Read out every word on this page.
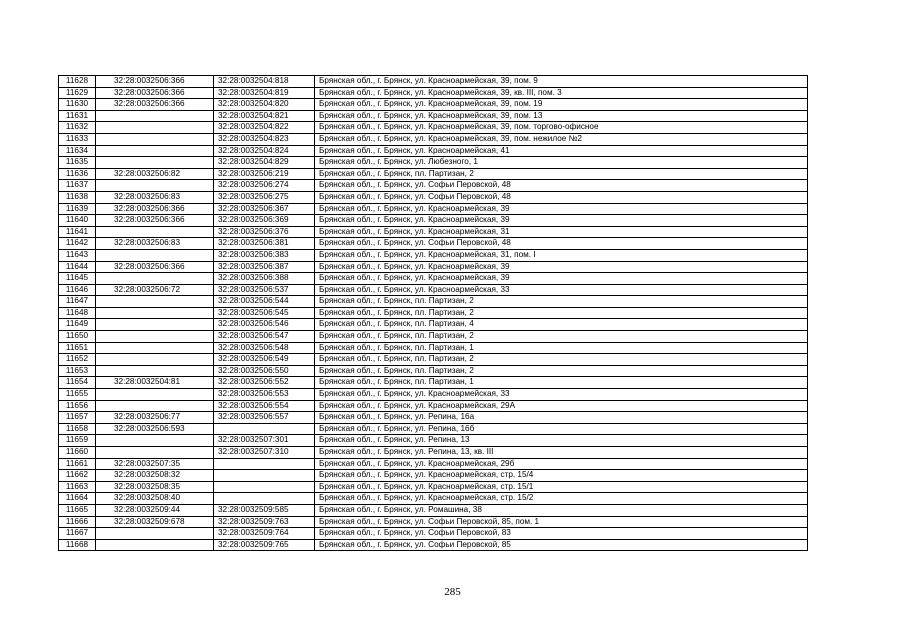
11628	32:28:0032506:366	32:28:0032504:818	Брянская обл., г. Брянск, ул. Красноармейская, 39, пом. 9
11629	32:28:0032506:366	32:28:0032504:819	Брянская обл., г. Брянск, ул. Красноармейская, 39, кв. III, пом. 3
11630	32:28:0032506:366	32:28:0032504:820	Брянская обл., г. Брянск, ул. Красноармейская, 39, пом. 19
11631		32:28:0032504:821	Брянская обл., г. Брянск, ул. Красноармейская, 39, пом. 13
11632		32:28:0032504:822	Брянская обл., г. Брянск, ул. Красноармейская, 39, пом. торгово-офисное
11633		32:28:0032504:823	Брянская обл., г. Брянск, ул. Красноармейская, 39, пом. нежилое №2
11634		32:28:0032504:824	Брянская обл., г. Брянск, ул. Красноармейская, 41
11635		32:28:0032504:829	Брянская обл., г. Брянск, ул. Любезного, 1
11636	32:28:0032506:82	32:28:0032506:219	Брянская обл., г. Брянск, пл. Партизан, 2
11637		32:28:0032506:274	Брянская обл., г. Брянск, ул. Софьи Перовской, 48
11638	32:28:0032506:83	32:28:0032506:275	Брянская обл., г. Брянск, ул. Софьи Перовской, 48
11639	32:28:0032506:366	32:28:0032506:367	Брянская обл., г. Брянск, ул. Красноармейская, 39
11640	32:28:0032506:366	32:28:0032506:369	Брянская обл., г. Брянск, ул. Красноармейская, 39
11641		32:28:0032506:376	Брянская обл., г. Брянск, ул. Красноармейская, 31
11642	32:28:0032506:83	32:28:0032506:381	Брянская обл., г. Брянск, ул. Софьи Перовской, 48
11643		32:28:0032506:383	Брянская обл., г. Брянск, ул. Красноармейская, 31, пом. I
11644	32:28:0032506:366	32:28:0032506:387	Брянская обл., г. Брянск, ул. Красноармейская, 39
11645		32:28:0032506:388	Брянская обл., г. Брянск, ул. Красноармейская, 39
11646	32:28:0032506:72	32:28:0032506:537	Брянская обл., г. Брянск, ул. Красноармейская, 33
11647		32:28:0032506:544	Брянская обл., г. Брянск, пл. Партизан, 2
11648		32:28:0032506:545	Брянская обл., г. Брянск, пл. Партизан, 2
11649		32:28:0032506:546	Брянская обл., г. Брянск, пл. Партизан, 4
11650		32:28:0032506:547	Брянская обл., г. Брянск, пл. Партизан, 2
11651		32:28:0032506:548	Брянская обл., г. Брянск, пл. Партизан, 1
11652		32:28:0032506:549	Брянская обл., г. Брянск, пл. Партизан, 2
11653		32:28:0032506:550	Брянская обл., г. Брянск, пл. Партизан, 2
11654	32:28:0032504:81	32:28:0032506:552	Брянская обл., г. Брянск, пл. Партизан, 1
11655		32:28:0032506:553	Брянская обл., г. Брянск, ул. Красноармейская, 33
11656		32:28:0032506:554	Брянская обл., г. Брянск, ул. Красноармейская, 29А
11657	32:28:0032506:77	32:28:0032506:557	Брянская обл., г. Брянск, ул. Репина, 16а
11658	32:28:0032506:593		Брянская обл., г. Брянск, ул. Репина, 16б
11659		32:28:0032507:301	Брянская обл., г. Брянск, ул. Репина, 13
11660		32:28:0032507:310	Брянская обл., г. Брянск, ул. Репина, 13, кв. III
11661	32:28:0032507:35		Брянская обл., г. Брянск, ул. Красноармейская, 29б
11662	32:28:0032508:32		Брянская обл., г. Брянск, ул. Красноармейская, стр. 15/4
11663	32:28:0032508:35		Брянская обл., г. Брянск, ул. Красноармейская, стр. 15/1
11664	32:28:0032508:40		Брянская обл., г. Брянск, ул. Красноармейская, стр. 15/2
11665	32:28:0032509:44	32:28:0032509:585	Брянская обл., г. Брянск, ул. Ромашина, 38
11666	32:28:0032509:678	32:28:0032509:763	Брянская обл., г. Брянск, ул. Софьи Перовской, 85, пом. 1
11667		32:28:0032509:764	Брянская обл., г. Брянск, ул. Софьи Перовской, 83
11668		32:28:0032509:765	Брянская обл., г. Брянск, ул. Софьи Перовской, 85
285
